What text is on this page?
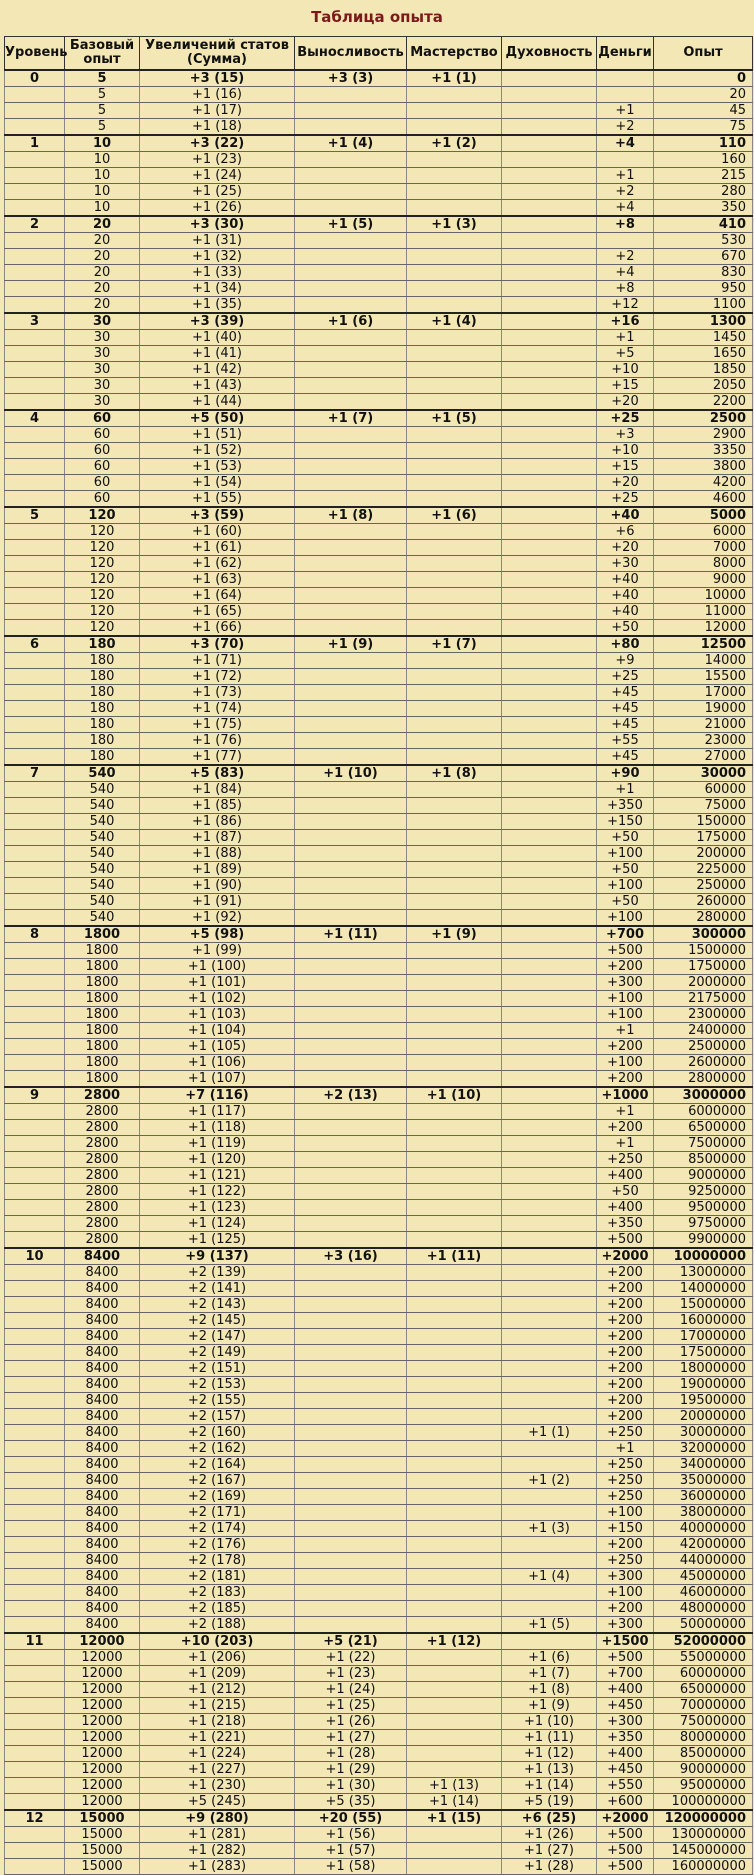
Таблица опыта
Уровень	Базовый опыт	Увеличений статов (Сумма)	Выносливость	Мастерство	Духовность	Деньги	Опыт
0	5	+3 (15)	+3 (3)	+1 (1)			0
	5	+1 (16)					20
	5	+1 (17)				+1	45
	5	+1 (18)				+2	75
1	10	+3 (22)	+1 (4)	+1 (2)		+4	110
	10	+1 (23)					160
	10	+1 (24)				+1	215
	10	+1 (25)				+2	280
	10	+1 (26)				+4	350
2	20	+3 (30)	+1 (5)	+1 (3)		+8	410
	20	+1 (31)					530
	20	+1 (32)				+2	670
	20	+1 (33)				+4	830
	20	+1 (34)				+8	950
	20	+1 (35)				+12	1100
3	30	+3 (39)	+1 (6)	+1 (4)		+16	1300
	30	+1 (40)				+1	1450
	30	+1 (41)				+5	1650
	30	+1 (42)				+10	1850
	30	+1 (43)				+15	2050
	30	+1 (44)				+20	2200
4	60	+5 (50)	+1 (7)	+1 (5)		+25	2500
	60	+1 (51)				+3	2900
	60	+1 (52)				+10	3350
	60	+1 (53)				+15	3800
	60	+1 (54)				+20	4200
	60	+1 (55)				+25	4600
5	120	+3 (59)	+1 (8)	+1 (6)		+40	5000
	120	+1 (60)				+6	6000
	120	+1 (61)				+20	7000
	120	+1 (62)				+30	8000
	120	+1 (63)				+40	9000
	120	+1 (64)				+40	10000
	120	+1 (65)				+40	11000
	120	+1 (66)				+50	12000
6	180	+3 (70)	+1 (9)	+1 (7)		+80	12500
	180	+1 (71)				+9	14000
	180	+1 (72)				+25	15500
	180	+1 (73)				+45	17000
	180	+1 (74)				+45	19000
	180	+1 (75)				+45	21000
	180	+1 (76)				+55	23000
	180	+1 (77)				+45	27000
7	540	+5 (83)	+1 (10)	+1 (8)		+90	30000
	540	+1 (84)				+1	60000
	540	+1 (85)				+350	75000
	540	+1 (86)				+150	150000
	540	+1 (87)				+50	175000
	540	+1 (88)				+100	200000
	540	+1 (89)				+50	225000
	540	+1 (90)				+100	250000
	540	+1 (91)				+50	260000
	540	+1 (92)				+100	280000
8	1800	+5 (98)	+1 (11)	+1 (9)		+700	300000
	1800	+1 (99)				+500	1500000
	1800	+1 (100)				+200	1750000
	1800	+1 (101)				+300	2000000
	1800	+1 (102)				+100	2175000
	1800	+1 (103)				+100	2300000
	1800	+1 (104)				+1	2400000
	1800	+1 (105)				+200	2500000
	1800	+1 (106)				+100	2600000
	1800	+1 (107)				+200	2800000
9	2800	+7 (116)	+2 (13)	+1 (10)		+1000	3000000
	2800	+1 (117)				+1	6000000
	2800	+1 (118)				+200	6500000
	2800	+1 (119)				+1	7500000
	2800	+1 (120)				+250	8500000
	2800	+1 (121)				+400	9000000
	2800	+1 (122)				+50	9250000
	2800	+1 (123)				+400	9500000
	2800	+1 (124)				+350	9750000
	2800	+1 (125)				+500	9900000
10	8400	+9 (137)	+3 (16)	+1 (11)		+2000	10000000
	8400	+2 (139)				+200	13000000
	8400	+2 (141)				+200	14000000
	8400	+2 (143)				+200	15000000
	8400	+2 (145)				+200	16000000
	8400	+2 (147)				+200	17000000
	8400	+2 (149)				+200	17500000
	8400	+2 (151)				+200	18000000
	8400	+2 (153)				+200	19000000
	8400	+2 (155)				+200	19500000
	8400	+2 (157)				+200	20000000
	8400	+2 (160)			+1 (1)	+250	30000000
	8400	+2 (162)				+1	32000000
	8400	+2 (164)				+250	34000000
	8400	+2 (167)			+1 (2)	+250	35000000
	8400	+2 (169)				+250	36000000
	8400	+2 (171)				+100	38000000
	8400	+2 (174)			+1 (3)	+150	40000000
	8400	+2 (176)				+200	42000000
	8400	+2 (178)				+250	44000000
	8400	+2 (181)			+1 (4)	+300	45000000
	8400	+2 (183)				+100	46000000
	8400	+2 (185)				+200	48000000
	8400	+2 (188)			+1 (5)	+300	50000000
11	12000	+10 (203)	+5 (21)	+1 (12)		+1500	52000000
	12000	+1 (206)	+1 (22)		+1 (6)	+500	55000000
	12000	+1 (209)	+1 (23)		+1 (7)	+700	60000000
	12000	+1 (212)	+1 (24)		+1 (8)	+400	65000000
	12000	+1 (215)	+1 (25)		+1 (9)	+450	70000000
	12000	+1 (218)	+1 (26)		+1 (10)	+300	75000000
	12000	+1 (221)	+1 (27)		+1 (11)	+350	80000000
	12000	+1 (224)	+1 (28)		+1 (12)	+400	85000000
	12000	+1 (227)	+1 (29)		+1 (13)	+450	90000000
	12000	+1 (230)	+1 (30)	+1 (13)	+1 (14)	+550	95000000
	12000	+5 (245)	+5 (35)	+1 (14)	+5 (19)	+600	100000000
12	15000	+9 (280)	+20 (55)	+1 (15)	+6 (25)	+2000	120000000
	15000	+1 (281)	+1 (56)		+1 (26)	+500	130000000
	15000	+1 (282)	+1 (57)		+1 (27)	+500	145000000
	15000	+1 (283)	+1 (58)		+1 (28)	+500	160000000
